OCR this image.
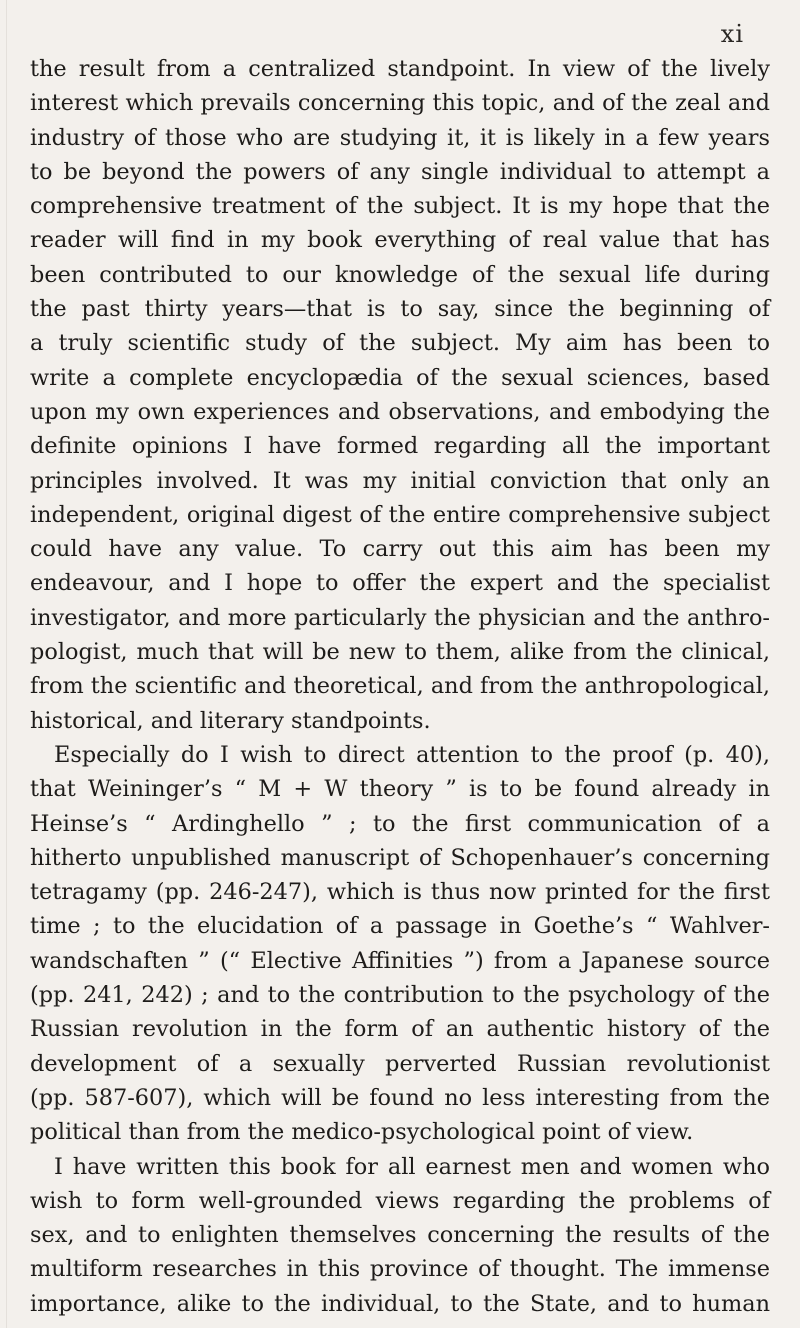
xi
the result from a centralized standpoint. In view of the lively
interest which prevails concerning this topic, and of the zeal and
industry of those who are studying it, it is likely in a few years
to be beyond the powers of any single individual to attempt a
comprehensive treatment of the subject. It is my hope that the
reader will find in my book everything of real value that has
been contributed to our knowledge of the sexual life during
the past thirty years—that is to say, since the beginning of
a truly scientific study of the subject. My aim has been to
write a complete encyclopædia of the sexual sciences, based
upon my own experiences and observations, and embodying the
definite opinions I have formed regarding all the important
principles involved. It was my initial conviction that only an
independent, original digest of the entire comprehensive subject
could have any value. To carry out this aim has been my
endeavour, and I hope to offer the expert and the specialist
investigator, and more particularly the physician and the anthro-
pologist, much that will be new to them, alike from the clinical,
from the scientific and theoretical, and from the anthropological,
historical, and literary standpoints.
Especially do I wish to direct attention to the proof (p. 40),
that Weininger’s “ M + W theory ” is to be found already in
Heinse’s “ Ardinghello ” ; to the first communication of a
hitherto unpublished manuscript of Schopenhauer’s concerning
tetragamy (pp. 246-247), which is thus now printed for the first
time ; to the elucidation of a passage in Goethe’s “ Wahlver-
wandschaften ” (“ Elective Affinities ”) from a Japanese source
(pp. 241, 242) ; and to the contribution to the psychology of the
Russian revolution in the form of an authentic history of the
development of a sexually perverted Russian revolutionist
(pp. 587-607), which will be found no less interesting from the
political than from the medico-psychological point of view.
I have written this book for all earnest men and women who
wish to form well-grounded views regarding the problems of
sex, and to enlighten themselves concerning the results of the
multiform researches in this province of thought. The immense
importance, alike to the individual, to the State, and to human
